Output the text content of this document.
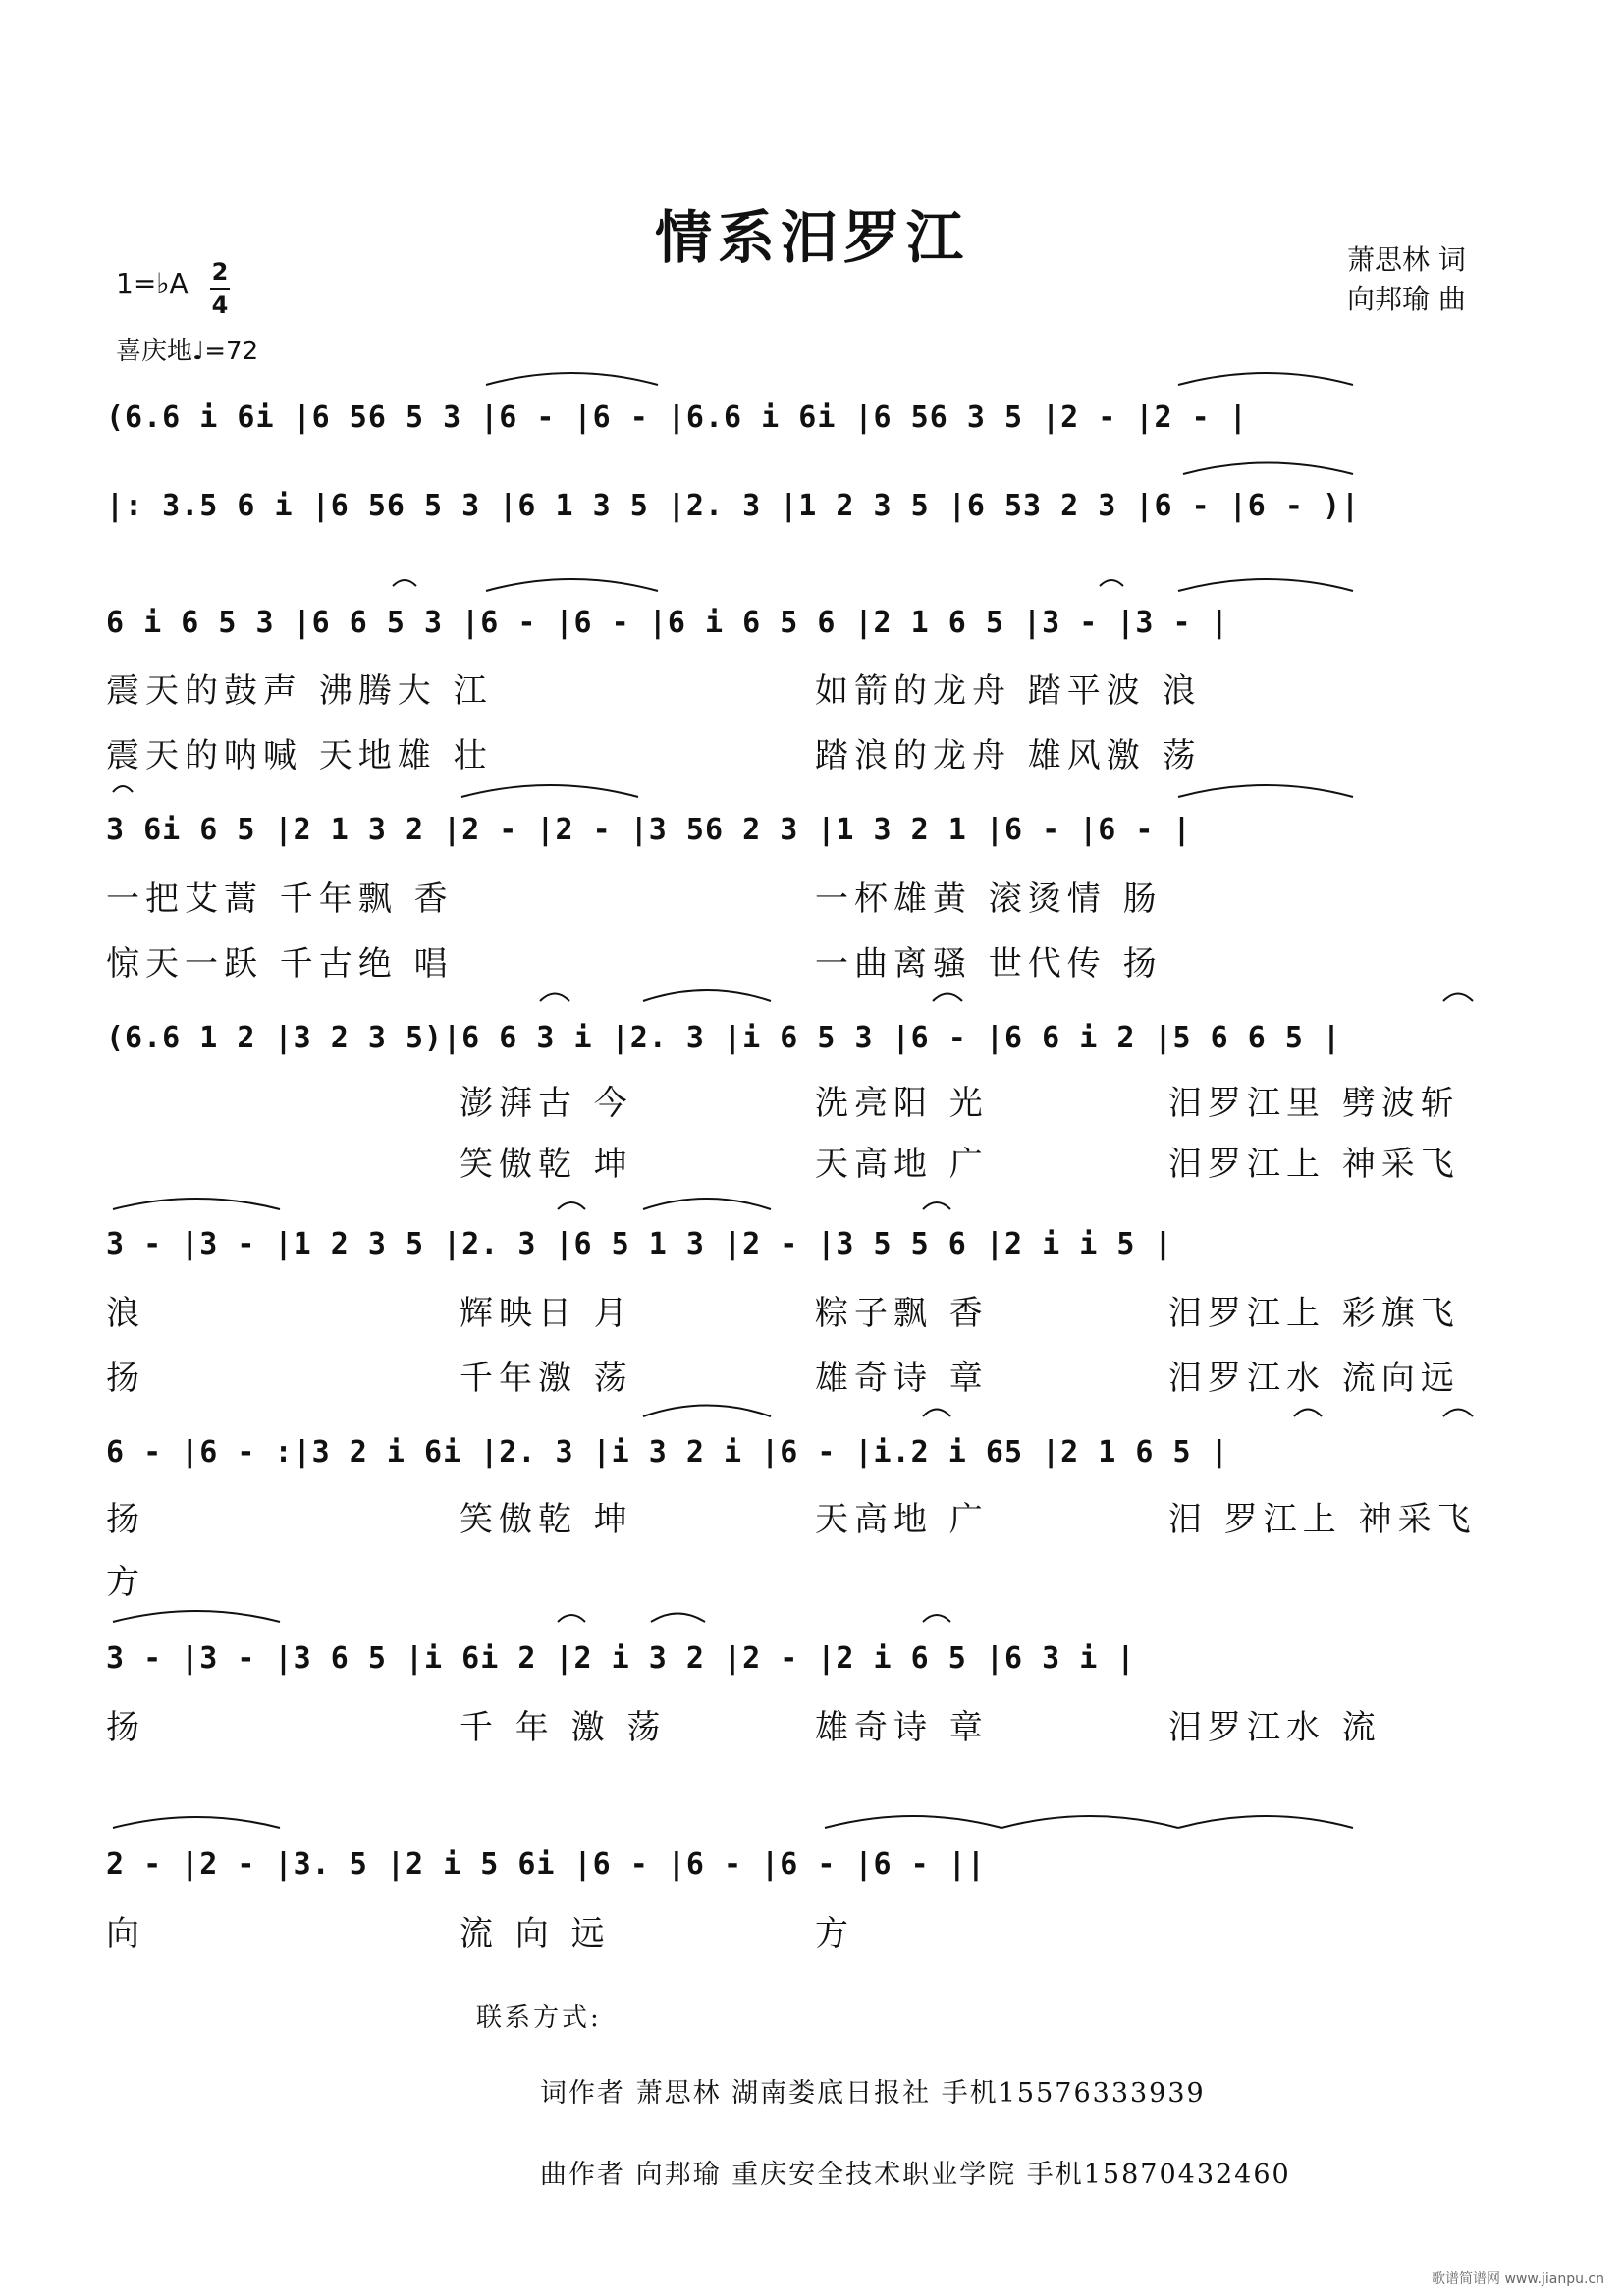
情系汨罗江	萧思林 词
向邦瑜 曲
1=♭A 2
4
喜庆地♩=72
(6.6 i 6i |6 56 5 3 |6 - |6 - |6.6 i 6i |6 56 3 5 |2 - |2 - |
|: 3.5 6 i |6 56 5 3 |6 1 3 5 |2. 3 |1 2 3 5 |6 53 2 3 |6 - |6 - )|
6 i 6 5 3 |6 6 5 3 |6 - |6 - |6 i 6 5 6 |2 1 6 5 |3 - |3 - |
震天的鼓声 沸腾大 江	如箭的龙舟 踏平波 浪
震天的呐喊 天地雄 壮	踏浪的龙舟 雄风激 荡
3 6i 6 5 |2 1 3 2 |2 - |2 - |3 56 2 3 |1 3 2 1 |6 - |6 - |
一把艾蒿 千年飘 香	一杯雄黄 滚烫情 肠
惊天一跃 千古绝 唱	一曲离骚 世代传 扬
(6.6 1 2 |3 2 3 5)|6 6 3 i |2. 3 |i 6 5 3 |6 - |6 6 i 2 |5 6 6 5 |
澎湃古 今	洗亮阳 光	汨罗江里 劈波斩
笑傲乾 坤	天高地 广	汨罗江上 神采飞
3 - |3 - |1 2 3 5 |2. 3 |6 5 1 3 |2 - |3 5 5 6 |2 i i 5 |
浪	辉映日 月	粽子飘 香	汨罗江上 彩旗飞
扬	千年激 荡	雄奇诗 章	汨罗江水 流向远
6 - |6 - :|3 2 i 6i |2. 3 |i 3 2 i |6 - |i.2 i 65 |2 1 6 5 |
扬	笑傲乾 坤	天高地 广	汨 罗江上 神采飞
方
3 - |3 - |3 6 5 |i 6i 2 |2 i 3 2 |2 - |2 i 6 5 |6 3 i |
扬	千 年 激 荡	雄奇诗 章	汨罗江水 流
2 - |2 - |3. 5 |2 i 5 6i |6 - |6 - |6 - |6 - ||
向	流 向 远	方
联系方式:
词作者 萧思林 湖南娄底日报社 手机15576333939
曲作者 向邦瑜 重庆安全技术职业学院 手机15870432460
歌谱简谱网 www.jianpu.cn
